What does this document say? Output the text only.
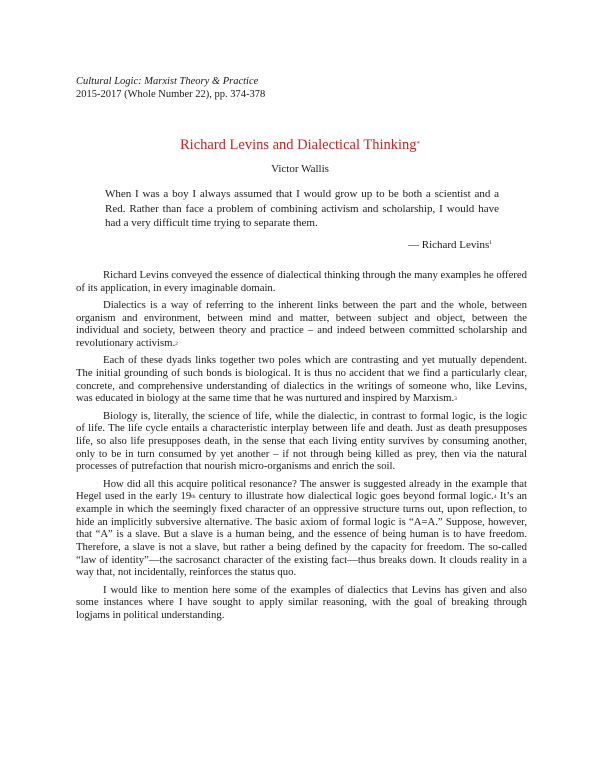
Cultural Logic: Marxist Theory & Practice
2015-2017 (Whole Number 22), pp. 374-378
Richard Levins and Dialectical Thinking*
Victor Wallis
When I was a boy I always assumed that I would grow up to be both a scientist and a Red. Rather than face a problem of combining activism and scholarship, I would have had a very difficult time trying to separate them.
— Richard Levins$^1$

Richard Levins conveyed the essence of dialectical thinking through the many examples he offered of its application, in every imaginable domain.

Dialectics is a way of referring to the inherent links between the part and the whole, between organism and environment, between mind and matter, between subject and object, between the individual and society, between theory and practice – and indeed between committed scholarship and revolutionary activism.$^2$

Each of these dyads links together two poles which are contrasting and yet mutually dependent. The initial grounding of such bonds is biological. It is thus no accident that we find a particularly clear, concrete, and comprehensive understanding of dialectics in the writings of someone who, like Levins, was educated in biology at the same time that he was nurtured and inspired by Marxism.$^3$

Biology is, literally, the science of life, while the dialectic, in contrast to formal logic, is the logic of life. The life cycle entails a characteristic interplay between life and death. Just as death presupposes life, so also life presupposes death, in the sense that each living entity survives by consuming another, only to be in turn consumed by yet another – if not through being killed as prey, then via the natural processes of putrefaction that nourish micro-organisms and enrich the soil.

How did all this acquire political resonance? The answer is suggested already in the example that Hegel used in the early 19th century to illustrate how dialectical logic goes beyond formal logic.$^4$ It’s an example in which the seemingly fixed character of an oppressive structure turns out, upon reflection, to hide an implicitly subversive alternative. The basic axiom of formal logic is “A=A.” Suppose, however, that “A” is a slave. But a slave is a human being, and the essence of being human is to have freedom. Therefore, a slave is not a slave, but rather a being defined by the capacity for freedom. The so-called “law of identity”—the sacrosanct character of the existing fact—thus breaks down. It clouds reality in a way that, not incidentally, reinforces the status quo.

I would like to mention here some of the examples of dialectics that Levins has given and also some instances where I have sought to apply similar reasoning, with the goal of breaking through logjams in political understanding.
